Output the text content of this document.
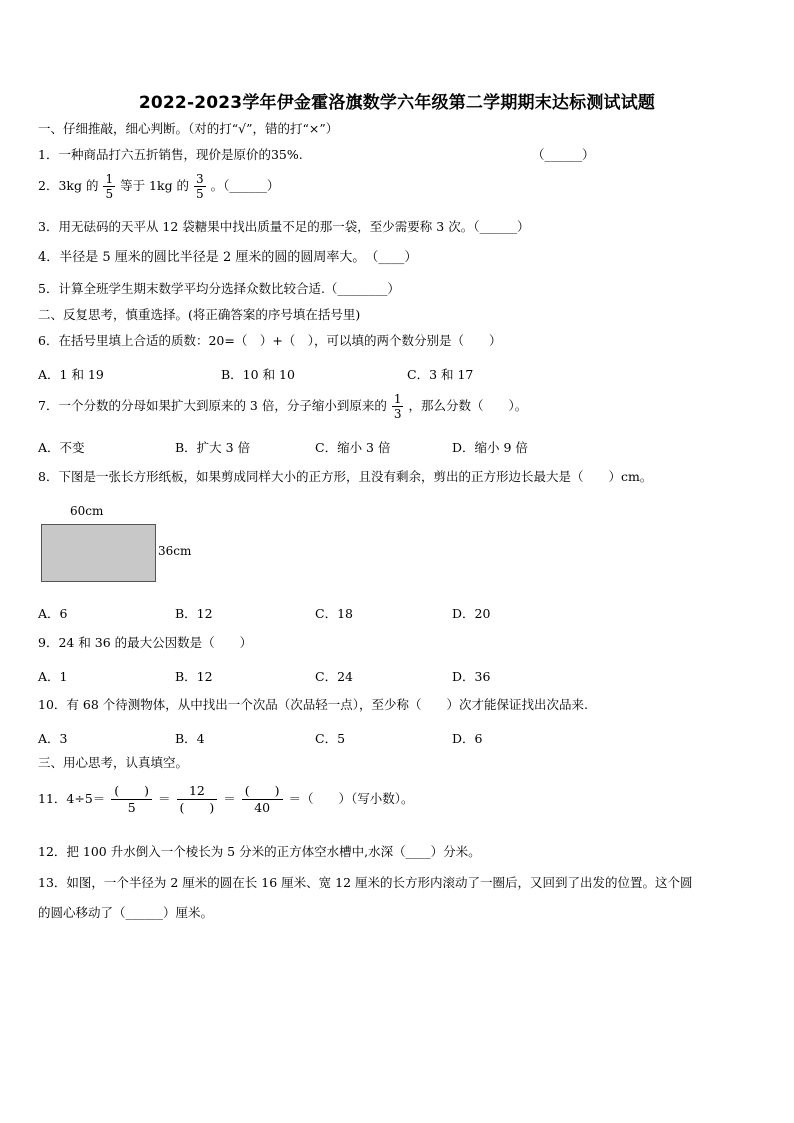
2022-2023学年伊金霍洛旗数学六年级第二学期期末达标测试试题
一、仔细推敲，细心判断。（对的打“√”，错的打“×”）
1．一种商品打六五折销售，现价是原价的35%.	（______）
2．3kg 的 $\frac{1}{5}$ 等于 1kg 的 $\frac{3}{5}$ 。（______）
3．用无砝码的天平从 12 袋糖果中找出质量不足的那一袋，至少需要称 3 次。（______）
4．半径是 5 厘米的圆比半径是 2 厘米的圆的圆周率大。　（____）
5．计算全班学生期末数学平均分选择众数比较合适.（________）
二、反复思考，慎重选择。(将正确答案的序号填在括号里)
6．在括号里填上合适的质数：20=（　）+（　），可以填的两个数分别是（　　）
A．1 和 19	B．10 和 10	C．3 和 17
7．一个分数的分母如果扩大到原来的 3 倍，分子缩小到原来的 $\frac{1}{3}$ ，那么分数（　　）。
A．不变	B．扩大 3 倍	C．缩小 3 倍	D．缩小 9 倍
8．下图是一张长方形纸板，如果剪成同样大小的正方形，且没有剩余，剪出的正方形边长最大是（　　）cm。
60cm
36cm
A．6	B．12	C．18	D．20
9．24 和 36 的最大公因数是（　　）
A．1	B．12	C．24	D．36
10．有 68 个待测物体，从中找出一个次品（次品轻一点），至少称（　　）次才能保证找出次品来.
A．3	B．4	C．5	D．6
三、用心思考，认真填空。
11．$4\div 5= \frac{( )}{5} = \frac{12}{( )} = \frac{( )}{40}$ ＝（　　）（写小数）。
12．把 100 升水倒入一个棱长为 5 分米的正方体空水槽中,水深（____）分米。
13．如图，一个半径为 2 厘米的圆在长 16 厘米、宽 12 厘米的长方形内滚动了一圈后，又回到了出发的位置。这个圆
的圆心移动了（______）厘米。
